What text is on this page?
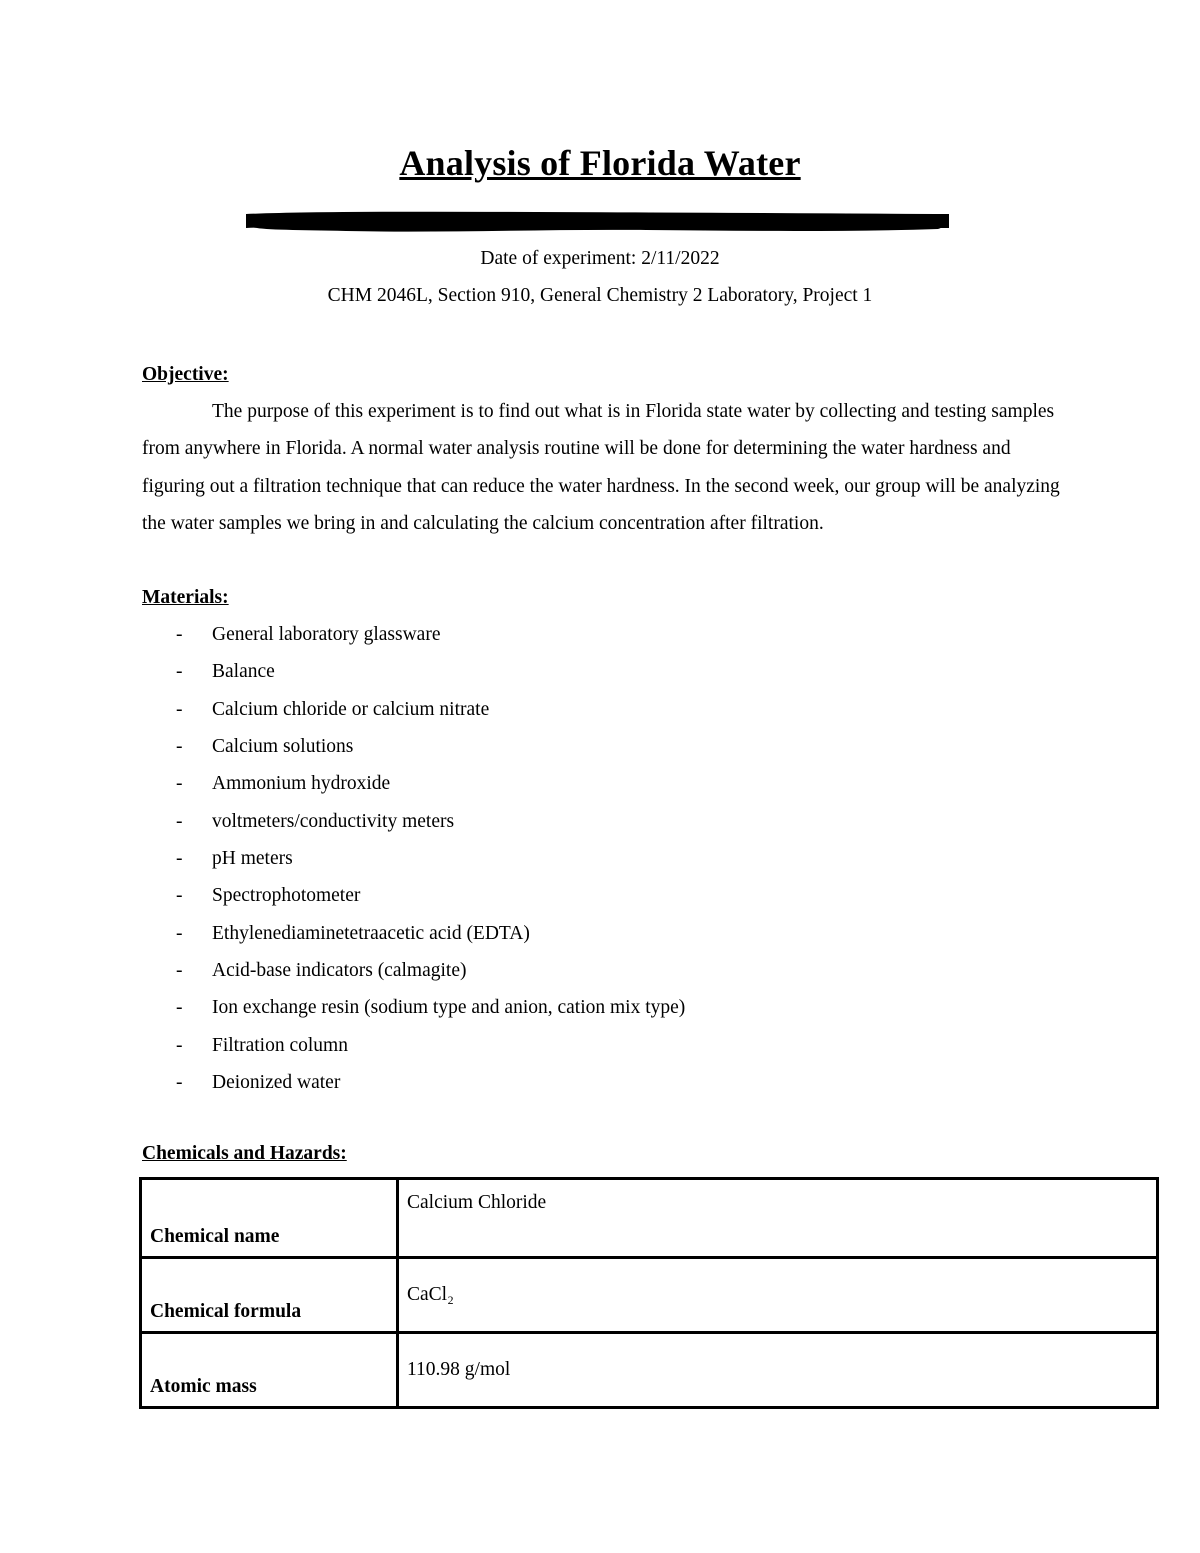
Analysis of Florida Water
Date of experiment: 2/11/2022
CHM 2046L, Section 910, General Chemistry 2 Laboratory, Project 1
Objective:

The purpose of this experiment is to find out what is in Florida state water by collecting and testing samples from anywhere in Florida. A normal water analysis routine will be done for determining the water hardness and figuring out a filtration technique that can reduce the water hardness. In the second week, our group will be analyzing the water samples we bring in and calculating the calcium concentration after filtration.

Materials:
- General laboratory glassware
- Balance
- Calcium chloride or calcium nitrate
- Calcium solutions
- Ammonium hydroxide
- voltmeters/conductivity meters
- pH meters
- Spectrophotometer
- Ethylenediaminetetraacetic acid (EDTA)
- Acid-base indicators (calmagite)
- Ion exchange resin (sodium type and anion, cation mix type)
- Filtration column
- Deionized water
Chemicals and Hazards:
Chemical name	Calcium Chloride
Chemical formula	CaCl₂
Atomic mass	110.98 g/mol
